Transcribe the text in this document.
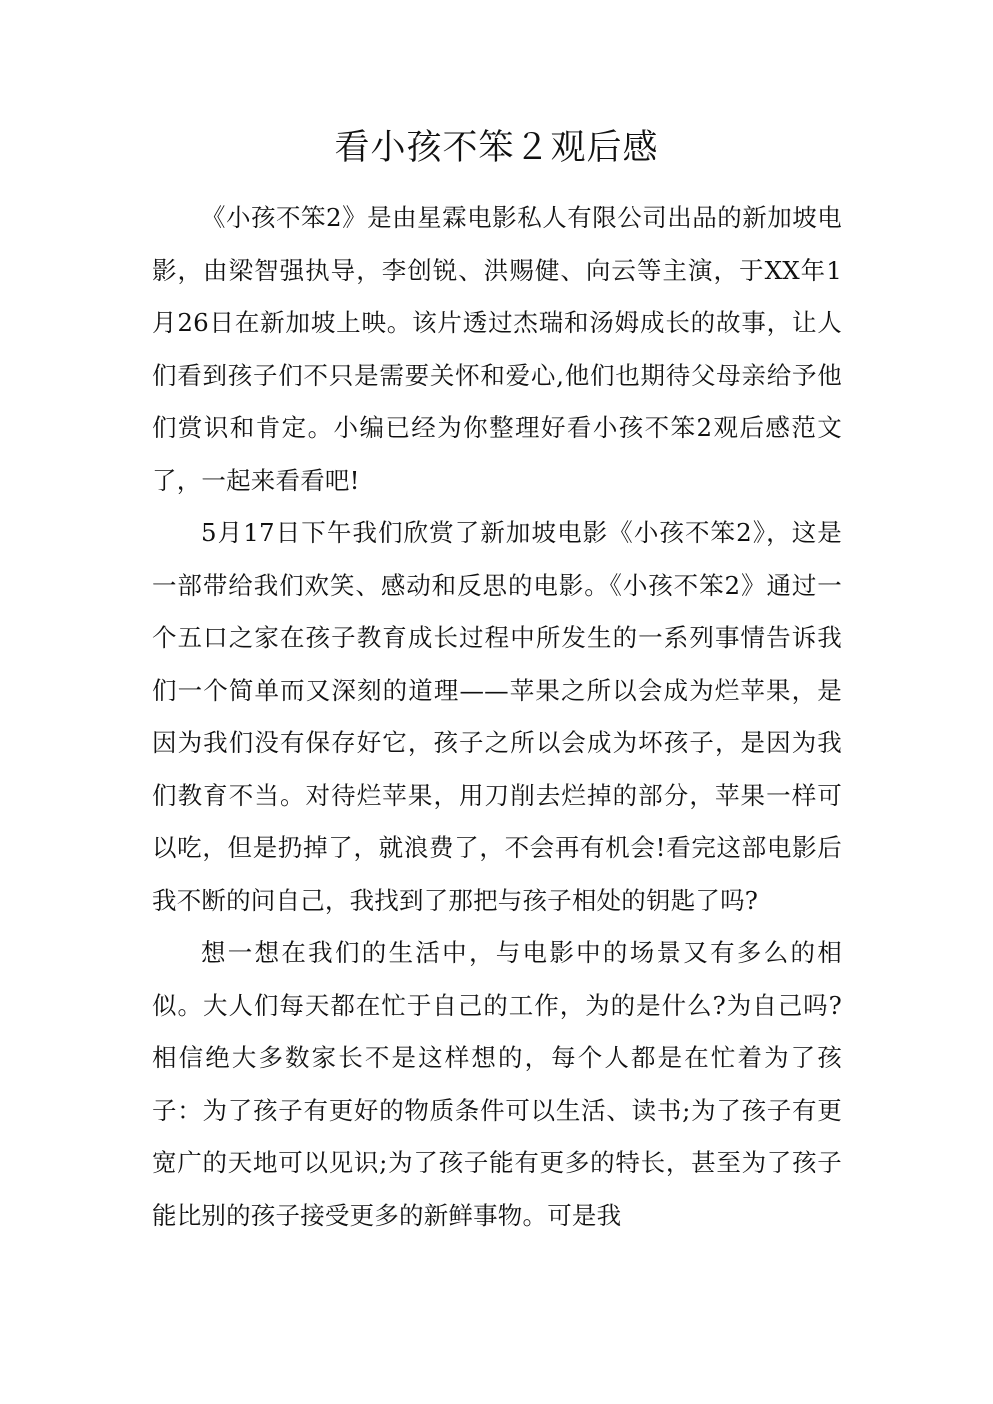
看小孩不笨２观后感

《小孩不笨2》是由星霖电影私人有限公司出品的新加坡电影，由梁智强执导，李创锐、洪赐健、向云等主演，于XX年1月26日在新加坡上映。该片透过杰瑞和汤姆成长的故事，让人们看到孩子们不只是需要关怀和爱心,他们也期待父母亲给予他们赏识和肯定。小编已经为你整理好看小孩不笨2观后感范文了，一起来看看吧!

5月17日下午我们欣赏了新加坡电影《小孩不笨2》，这是一部带给我们欢笑、感动和反思的电影。《小孩不笨2》通过一个五口之家在孩子教育成长过程中所发生的一系列事情告诉我们一个简单而又深刻的道理——苹果之所以会成为烂苹果，是因为我们没有保存好它，孩子之所以会成为坏孩子，是因为我们教育不当。对待烂苹果，用刀削去烂掉的部分，苹果一样可以吃，但是扔掉了，就浪费了，不会再有机会!看完这部电影后我不断的问自己，我找到了那把与孩子相处的钥匙了吗?

想一想在我们的生活中，与电影中的场景又有多么的相似。大人们每天都在忙于自己的工作，为的是什么?为自己吗?相信绝大多数家长不是这样想的，每个人都是在忙着为了孩子：为了孩子有更好的物质条件可以生活、读书;为了孩子有更宽广的天地可以见识;为了孩子能有更多的特长，甚至为了孩子能比别的孩子接受更多的新鲜事物。可是我
